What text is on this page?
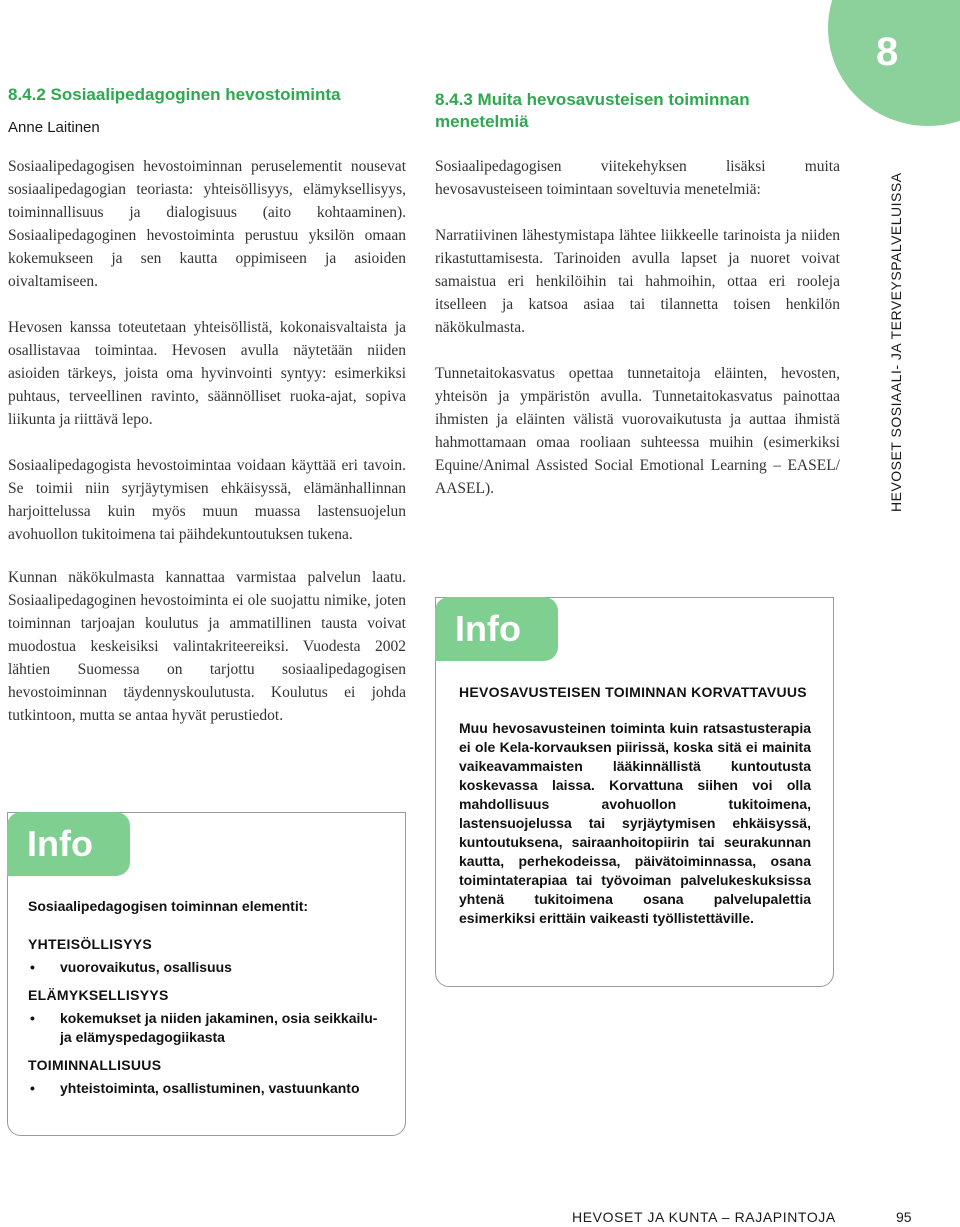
8
HEVOSET SOSIAALI- JA TERVEYSPALVELUISSA
8.4.2 Sosiaalipedagoginen hevostoiminta
Anne Laitinen

Sosiaalipedagogisen hevostoiminnan peruselementit nousevat sosiaalipedagogian teoriasta: yhteisöllisyys, elämyksellisyys, toiminnallisuus ja dialogisuus (aito kohtaaminen). Sosiaalipedagoginen hevostoiminta perustuu yksilön omaan kokemukseen ja sen kautta oppimiseen ja asioiden oivaltamiseen.

Hevosen kanssa toteutetaan yhteisöllistä, kokonaisvaltaista ja osallistavaa toimintaa. Hevosen avulla näytetään niiden asioiden tärkeys, joista oma hyvinvointi syntyy: esimerkiksi puhtaus, terveellinen ravinto, säännölliset ruoka-ajat, sopiva liikunta ja riittävä lepo.

Sosiaalipedagogista hevostoimintaa voidaan käyttää eri tavoin. Se toimii niin syrjäytymisen ehkäisyssä, elämänhallinnan harjoittelussa kuin myös muun muassa lastensuojelun avohuollon tukitoimena tai päihdekuntoutuksen tukena.

Kunnan näkökulmasta kannattaa varmistaa palvelun laatu. Sosiaalipedagoginen hevostoiminta ei ole suojattu nimike, joten toiminnan tarjoajan koulutus ja ammatillinen tausta voivat muodostua keskeisiksi valintakriteereiksi. Vuodesta 2002 lähtien Suomessa on tarjottu sosiaalipedagogisen hevostoiminnan täydennyskoulutusta. Koulutus ei johda tutkintoon, mutta se antaa hyvät perustiedot.

8.4.3 Muita hevosavusteisen toiminnan menetelmiä

Sosiaalipedagogisen viitekehyksen lisäksi muita hevosavusteiseen toimintaan soveltuvia menetelmiä:

Narratiivinen lähestymistapa lähtee liikkeelle tarinoista ja niiden rikastuttamisesta. Tarinoiden avulla lapset ja nuoret voivat samaistua eri henkilöihin tai hahmoihin, ottaa eri rooleja itselleen ja katsoa asiaa tai tilannetta toisen henkilön näkökulmasta.

Tunnetaitokasvatus opettaa tunnetaitoja eläinten, hevosten, yhteisön ja ympäristön avulla. Tunnetaitokasvatus painottaa ihmisten ja eläinten välistä vuorovaikutusta ja auttaa ihmistä hahmottamaan omaa rooliaan suhteessa muihin (esimerkiksi Equine/Animal Assisted Social Emotional Learning – EASEL/ AASEL).

Info
Sosiaalipedagogisen toiminnan elementit:
YHTEISÖLLISYYS
• vuorovaikutus, osallisuus
ELÄMYKSELLISYYS
• kokemukset ja niiden jakaminen, osia seikkailu- ja elämyspedagogiikasta
TOIMINNALLISUUS
• yhteistoiminta, osallistuminen, vastuunkanto
Info
HEVOSAVUSTEISEN TOIMINNAN KORVATTAVUUS

Muu hevosavusteinen toiminta kuin ratsastusterapia ei ole Kela-korvauksen piirissä, koska sitä ei mainita vaikeavammaisten lääkinnällistä kuntoutusta koskevassa laissa. Korvattuna siihen voi olla mahdollisuus avohuollon tukitoimena, lastensuojelussa tai syrjäytymisen ehkäisyssä, kuntoutuksena, sairaanhoitopiirin tai seurakunnan kautta, perhekodeissa, päivätoiminnassa, osana toimintaterapiaa tai työvoiman palvelukeskuksissa yhtenä tukitoimena osana palvelupalettia esimerkiksi erittäin vaikeasti työllistettäville.

HEVOSET JA KUNTA – RAJAPINTOJA	95
